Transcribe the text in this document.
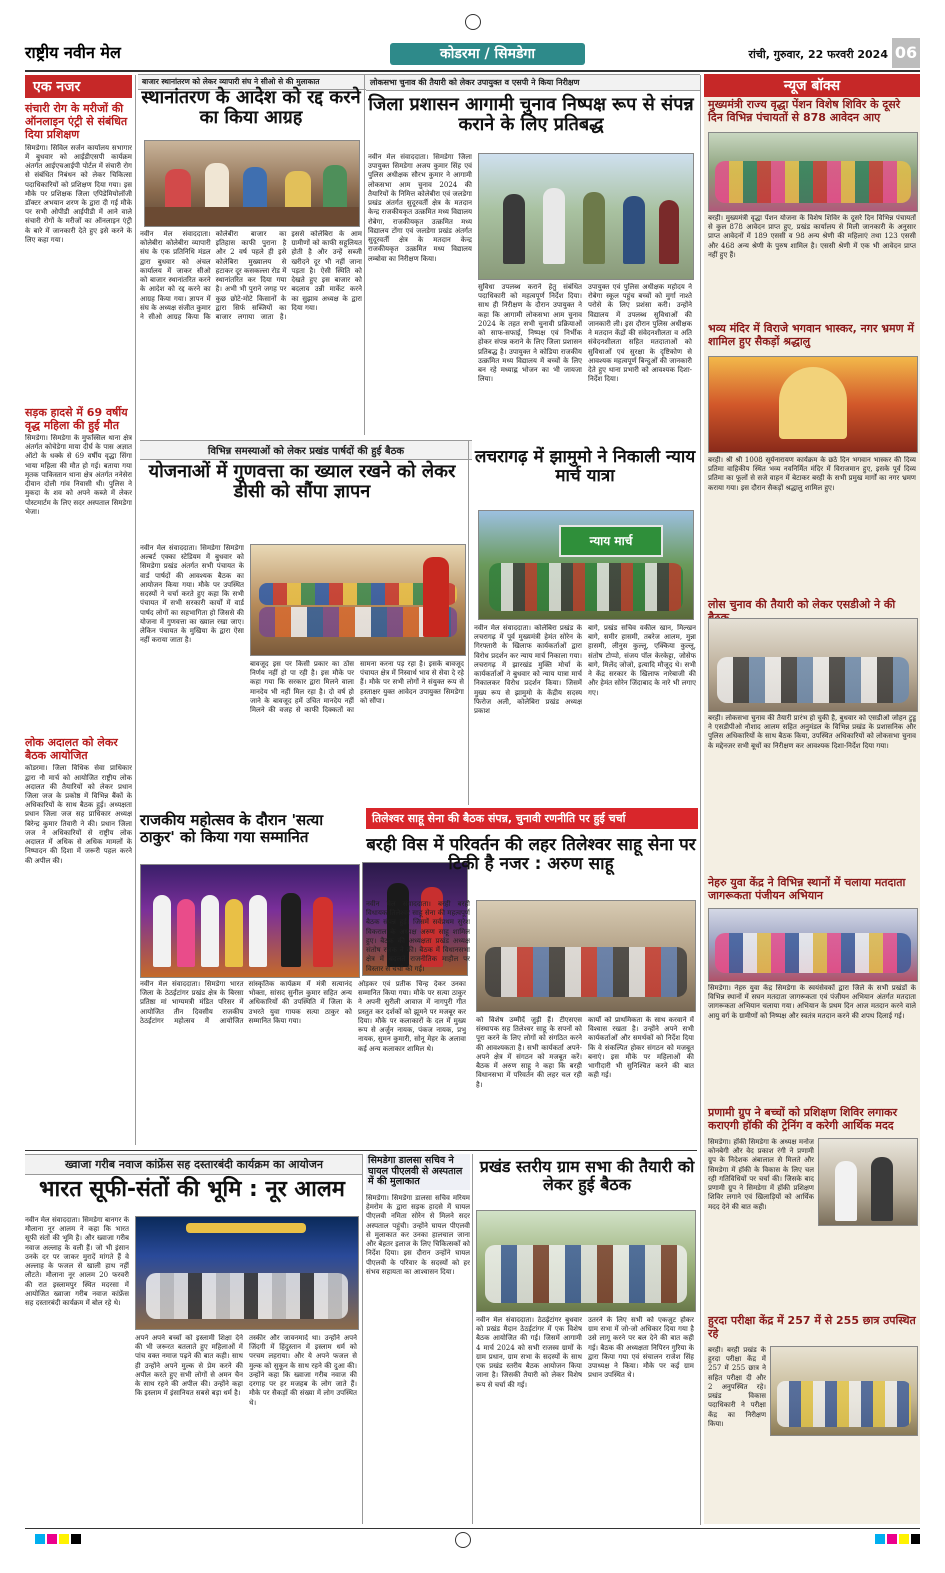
राष्ट्रीय नवीन मेल	कोडरमा / सिमडेगा	रांची, गुरुवार, 22 फरवरी 2024 06
बाजार स्थानांतरण को लेकर व्यापारी संघ ने सीओ से की मुलाकात	लोकसभा चुनाव की तैयारी को लेकर उपायुक्त व एसपी ने किया निरीक्षण
एक नजर
संचारी रोग के मरीजों की ऑनलाइन एंट्री से संबंधित दिया प्रशिक्षण
सिमडेगा। सिविल सर्जन कार्यालय सभागार में बुधवार को आईडीएसपी कार्यक्रम अंतर्गत आईएचआईपी पोर्टल में संचारी रोग से संबंधित निबंधन को लेकर चिकित्सा पदाधिकारियों को प्रशिक्षण दिया गया। इस मौके पर प्रशिक्षक जिला एपिडेमियोलॉजी डॉक्टर अभयान शरण के द्वारा दी गई मौके पर सभी ओपीडी आईपीडी में आने वाले संचारी रोगों के मरीजों का ऑनलाइन एंट्री के बारे में जानकारी देते हुए इसे करने के लिए कहा गया।
सड़क हादसे में 69 वर्षीय वृद्ध महिला की हुई मौत
सिमडेगा। सिमडेगा के मुफस्सिल थाना क्षेत्र अंतर्गत कोचेडेगा माया दीर्घ के पास अज्ञात ऑटो के धक्के से 69 वर्षीय वृद्धा सिंगा भाया महिला की मौत हो गई। बताया गया मृतक पाकिस्तान थाना क्षेत्र अंतर्गत ननेसेरा दीवान दोली गांव निवासी थी। पुलिस ने मुकदा के शव को अपने कब्जे में लेकर पोस्टमार्टम के लिए सदर अस्पताल सिमडेगा भेजा।
लोक अदालत को लेकर बैठक आयोजित
कोडरमा। जिला विधिक सेवा प्राधिकार द्वारा नौ मार्च को आयोजित राष्ट्रीय लोक अदालत की तैयारियों को लेकर प्रधान जिला जज के प्रकोष्ठ में विभिन्न बैंकों के अधिकारियों के साथ बैठक हुई। अध्यक्षता प्रधान जिला जज सह प्राधिकार अध्यक्ष बिरेन्द्र कुमार तिवारी ने की। प्रधान जिला जज ने अधिकारियों से राष्ट्रीय लोक अदालत में अधिक से अधिक मामलों के निष्पादन की दिशा में जरूरी पहल करने की अपील की।
स्थानांतरण के आदेश को रद्द करने का किया आग्रह
नवीन मेल संवाददाता। कोलेबीरा कोलेबीरा व्यापारी संघ के एक प्रतिनिधि मंडल द्वारा बुधवार को अंचल कार्यालय में जाकर सीओ को बाजार स्थानांतरित करने के आदेश को रद्द करने का आग्रह किया गया। ज्ञापन में संघ के अध्यक्ष संजीत कुमार ने सीओ आग्रह किया कि कोलेबीरा बाजार का इतिहास काफी पुराना है और 2 वर्ष पहले ही इसे कोलेबिरा मुख्यालय से हटाकर दूर कसकल्ला रोड में स्थानांतरित कर दिया गया है। अभी भी पुराने जगह पर कुछ छोटे-मोटे किसानों के द्वारा सिर्फ सब्जियों का बाजार लगाया जाता है। इससे कोलेबिरा के आम ग्रामीणों को काफी सहूलियत होती है और उन्हें सब्जी खरीदने दूर भी नहीं जाना पड़ता है। ऐसी स्थिति को देखते हुए इस बाजार को बदलाव उन्नी मार्केट करने का सुझाव अध्यक्ष के द्वारा दिया गया।
जिला प्रशासन आगामी चुनाव निष्पक्ष रूप से संपन्न कराने के लिए प्रतिबद्ध
नवीन मेल संवाददाता। सिमडेगा जिला उपायुक्त सिमडेगा अजय कुमार सिंह एवं पुलिस अधीक्षक सौरभ कुमार ने आगामी लोकसभा आम चुनाव 2024 की तैयारियों के निमित्त कोलेबीरा एवं जलडेगा प्रखंड अंतर्गत सुदूरवर्ती क्षेत्र के मतदान केन्द्र राजकीयकृत उत्क्रमित मध्य विद्यालय रोबेगा, राजकीयकृत उत्क्रमित मध्य विद्यालय टोंगा एवं जलडेगा प्रखंड अंतर्गत सुदूरवर्ती क्षेत्र के मतदान केन्द्र राजकीयकृत उत्क्रमित मध्य विद्यालय लम्बोवा का निरीक्षण किया।
सुविधा उपलब्ध कराने हेतु संबंधित पदाधिकारी को महत्वपूर्ण निर्देश दिया। साथ ही निरीक्षण के दौरान उपायुक्त ने कहा कि आगामी लोकसभा आम चुनाव 2024 के तहत सभी चुनावी प्रक्रियाओं को साफ-सफाई, निष्पक्ष एवं निर्भीक होकर संपन्न कराने के लिए जिला प्रशासन प्रतिबद्ध है। उपायुक्त ने कोडिया राजकीय उत्क्रमित मध्य विद्यालय में बच्चों के लिए बन रहे मध्याह्न भोजन का भी जायजा लिया।
उपायुक्त एवं पुलिस अधीक्षक महोदय ने रोबेगा स्कूल पहुंच बच्चों को मुर्गा नाश्ते परोसे के लिए प्रशंसा करी। उन्होंने विद्यालय में उपलब्ध सुविधाओं की जानकारी ली। इस दौरान पुलिस अधीक्षक ने मतदान केंद्रों की संवेदनशीलता व अति संवेदनशीलता सहित मतदाताओं को सुविधाओं एवं सुरक्षा के दृष्टिकोण से आवश्यक महत्वपूर्ण बिन्दुओं की जानकारी देते हुए थाना प्रभारी को आवश्यक दिशा-निर्देश दिया।
विभिन्न समस्याओं को लेकर प्रखंड पार्षदों की हुई बैठक
योजनाओं में गुणवत्ता का ख्याल रखने को लेकर डीसी को सौंपा ज्ञापन
नवीन मेल संवाददाता। सिमडेगा सिमडेगा अल्बर्ट एक्का स्टेडियम में बुधवार को सिमडेगा प्रखंड अंतर्गत सभी पंचायत के वार्ड पार्षदों की आवश्यक बैठक का आयोजन किया गया। मौके पर उपस्थित सदस्यों ने चर्चा करते हुए कहा कि सभी पंचायत में सभी सरकारी कार्यों में वार्ड पार्षद लोगों का सहभागिता हो जिससे की योजना में गुणवत्ता का ख्याल रखा जाए। लेकिन पंचायत के मुखिया के द्वारा ऐसा नहीं कराया जाता है।
बावजूद इस पर किसी प्रकार का ठोस निर्णय नहीं हो पा रही है। इस मौके पर कहा गया कि सरकार द्वारा मिलने वाला मानदेय भी नहीं मिल रहा है। दो वर्ष हो जाने के बावजूद हमें उचित मानदेय नहीं मिलने की वजह से काफी दिक्कतों का सामना करना पड़ रहा है। इसके बावजूद पंचायत क्षेत्र में निस्वार्थ भाव से सेवा दे रहे हैं। मौके पर सभी लोगों ने संयुक्त रूप से हस्ताक्षर युक्त आवेदन उपायुक्त सिमडेगा को सौंपा।
लचरागढ़ में झामुमो ने निकाली न्याय मार्च यात्रा
न्याय मार्च
नवीन मेल संवाददाता। कोलेबिरा प्रखंड के लचरागढ़ में पूर्व मुख्यमंत्री हेमंत सोरेन के गिरफ्तारी के खिलाफ कार्यकर्ताओं द्वारा विरोध प्रदर्शन कर न्याय मार्च निकाला गया। लचरागढ़ में झारखंड मुक्ति मोर्चा के कार्यकर्ताओं ने बुधवार को न्याय यात्रा मार्च निकालकर विरोध प्रदर्शन किया। जिसमें मुख्य रूप से झामुमो के केंद्रीय सदस्य फिरोज अली, कोलेबिरा प्रखंड अध्यक्ष प्रकाश
बागे, प्रखंड सचिव वकील खान, मिल्खन बागे, समीर हासमी, तबरेज आलम, मुन्ना हासमी, लीनुस कुल्लू, एक्किया कुल्लू, संतोष टोप्पो, संजय पॉल केरकेट्टा, जोसेफ बागे, मिलेंद जोजो, इत्यादि मौजूद थे। सभी ने केंद्र सरकार के खिलाफ नारेबाजी की और हेमंत सोरेन जिंदाबाद के नारे भी लगाए गए।
राजकीय महोत्सव के दौरान 'सत्या ठाकुर' को किया गया सम्मानित
नवीन मेल संवाददाता। सिमडेगा भारत जिला के ठेठईटांगर प्रखंड क्षेत्र के बिरसा प्रतिष्ठा मां भाग्यमत्री मंडित परिसर में आयोजित तीन दिवसीय राजकीय ठेठईटांगर महोत्सव में आयोजित सांस्कृतिक कार्यक्रम में मंत्री सत्यानंद भोक्ता, सांसद सुनील कुमार सहित अन्य अधिकारियों की उपस्थिति में जिला के उभरते युवा गायक सत्या ठाकुर को सम्मानित किया गया।
ओड़कर एवं प्रतीक चिन्ह देकर उनका सम्मानित किया गया। मौके पर सत्या ठाकुर ने अपनी सुरीली आवाज में नागपुरी गीत प्रस्तुत कर दर्शकों को झूमने पर मजबूर कर दिया। मौके पर कलाकारों के दल में मुख्य रूप से अर्जुन नायक, पंकज नायक, प्रभु नायक, सुमन कुमारी, सोनू मेहर के अलावा कई अन्य कलाकार शामिल थे।
तिलेश्वर साहू सेना की बैठक संपन्न, चुनावी रणनीति पर हुई चर्चा
बरही विस में परिवर्तन की लहर तिलेश्वर साहू सेना पर टिकी है नजर : अरुण साहू
नवीन मेल संवाददाता। बरही बरही विधायक तिलेश्वर साहू सेना की महत्वपूर्ण बैठक संपन्न हुई। जिसमें सर्वप्रथम सुरेश विकराल के अध्यक्ष अरुण साहू शामिल हुए। बैठक की अध्यक्षता प्रखंड अध्यक्ष संतोष रजक ने की। बैठक में विधानसभा क्षेत्र में बदलते राजनीतिक माहौल पर विस्तार से चर्चा की गई।
को विशेष उम्मीदें जुड़ी हैं। टीएसएस संस्थापक सह तिलेश्वर साहू के सपनों को पूरा करने के लिए लोगों को संगठित करने की आवश्यकता है। सभी कार्यकर्ता अपने-अपने क्षेत्र में संगठन को मजबूत करें। बैठक में अरुण साहू ने कहा कि बरही विधानसभा में परिवर्तन की लहर चल रही है।
कार्यों को प्राथमिकता के साथ करवाने में विश्वास रखता है। उन्होंने अपने सभी कार्यकर्ताओं और समर्थकों को निर्देश दिया कि वे संकल्पित होकर संगठन को मजबूत बनाएं। इस मौके पर महिलाओं की भागीदारी भी सुनिश्चित करने की बात कही गई।
ख्वाजा गरीब नवाज कांफ्रेंस सह दस्तारबंदी कार्यक्रम का आयोजन
भारत सूफी-संतों की भूमि : नूर आलम
नवीन मेल संवाददाता। सिमडेगा बानगर के मौलाना नूर आलम ने कहा कि भारत सूफी संतों की भूमि है। और ख्वाजा गरीब नवाज अल्लाह के वली हैं। जो भी इंसान उनके दर पर जाकर मुरादें मांगते हैं वे अल्लाह के फजल से खाली हाथ नहीं लौटते। मौलाना नूर आलम 20 फरवरी की रात इस्लामपुर स्थित मदरसा में आयोजित ख्वाजा गरीब नवाज कांफ्रेंस सह दस्तारबंदी कार्यक्रम में बोल रहे थे।
अपने अपने बच्चों को इस्लामी शिक्षा देने की भी जरूरत बतलाते हुए महिलाओं में पांच वक्त नमाज पढ़ने की बात कही। साथ ही उन्होंने अपने मुल्क से प्रेम करने की अपील करते हुए सभी लोगों से अमन चैन के साथ रहने की अपील की। उन्होंने कहा कि इस्लाम में इंसानियत सबसे बड़ा धर्म है।
तस्कीर और जावनमार्द था। उन्होंने अपने जिंदगी में हिंदुस्तान में इस्लाम धर्म को परचम लहराया। और ये अपने फजल से मुल्क को सुकून के साथ रहने की दुआ की। उन्होंने कहा कि ख्वाजा गरीब नवाज की दरगाह पर हर मजहब के लोग जाते हैं। मौके पर सैकड़ों की संख्या में लोग उपस्थित थे।
सिमडेगा डालसा सचिव ने घायल पीएलवी से अस्पताल में की मुलाकात
सिमडेगा। सिमडेगा डालसा सचिव मरियम हेमरोम के द्वारा सड़क हादसे में घायल पीएलवी नमिता सोरेन से मिलने सदर अस्पताल पहुंची। उन्होंने घायल पीएलवी से मुलाकात कर उनका हालचाल जाना और बेहतर इलाज के लिए चिकित्सकों को निर्देश दिया। इस दौरान उन्होंने घायल पीएलवी के परिवार के सदस्यों को हर संभव सहायता का आश्वासन दिया।
प्रखंड स्तरीय ग्राम सभा की तैयारी को लेकर हुई बैठक
नवीन मेल संवाददाता। ठेठईटांगर बुधवार को प्रखंड मैदान ठेठईटांगर में एक विशेष बैठक आयोजित की गई। जिसमें आगामी 4 मार्च 2024 को सभी राजस्व ग्रामों के ग्राम प्रधान, ग्राम सभा के सदस्यों के साथ एक प्रखंड स्तरीय बैठक आयोजन किया जाना है। जिसकी तैयारी को लेकर विशेष रूप से चर्चा की गई।
उतरने के लिए सभी को एकजुट होकर ग्राम सभा में जो-जो अधिकार दिया गया है उसे लागू करने पर बल देने की बात कही गई। बैठक की अध्यक्षता निपिरन गुरिया के द्वारा किया गया एवं संचालन राजेश सिंह उपाध्यक्ष ने किया। मौके पर कई ग्राम प्रधान उपस्थित थे।
न्यूज बॉक्स
मुख्यमंत्री राज्य वृद्धा पेंशन विशेष शिविर के दूसरे दिन विभिन्न पंचायतों से 878 आवेदन आए
बरही। मुख्यमंत्री वृद्धा पेंशन योजना के विशेष शिविर के दूसरे दिन विभिन्न पंचायतों से कुल 878 आवेदन प्राप्त हुए, प्रखंड कार्यालय से मिली जानकारी के अनुसार प्राप्त आवेदनों में 189 एससी व 98 अन्य श्रेणी की महिलाएं तथा 123 एससी और 468 अन्य श्रेणी के पुरुष शामिल है। एससी श्रेणी में एक भी आवेदन प्राप्त नहीं हुए हैं।
भव्य मंदिर में विराजे भगवान भास्कर, नगर भ्रमण में शामिल हुए सैकड़ों श्रद्धालु
बरही। श्री श्री 1008 सूर्यनारायण कार्यक्रम के छठे दिन भगवान भास्कर की दिव्य प्रतिमा वाहिकीय स्थित भव्य नवनिर्मित मंदिर में विराजमान हुए, इसके पूर्व दिव्य प्रतिमा का फूलों से सजे वाहन में बेटाकर बरही के सभी प्रमुख मार्गों का नगर भ्रमण कराया गया। इस दौरान सैकड़ों श्रद्धालु शामिल हुए।
लोस चुनाव की तैयारी को लेकर एसडीओ ने की
बरही। लोकसभा चुनाव की तैयारी प्रारंभ हो चुकी है, बुधवार को एसडीओ जोहन टुडू ने एसडीपीओ नौशाद आलम सहित अनुमंडल के विभिन्न प्रखंड के प्रशासनिक और पुलिस अधिकारियों के साथ बैठक किया, उपस्थित अधिकारियों को लोकसभा चुनाव के मद्देनजर सभी बूथों का निरीक्षण कर आवश्यक दिशा-निर्देश दिया गया।
नेहरु युवा केंद्र ने विभिन्न स्थानों में चलाया मतदाता जागरूकता पंजीयन अभियान
सिमडेगा। नेहरु युवा केंद्र सिमडेगा के स्वयंसेवकों द्वारा जिले के सभी प्रखंडों के विभिन्न स्थानों में सघन मतदाता जागरूकता एवं पंजीयन अभियान अंतर्गत मतदाता जागरूकता अभियान चलाया गया। अभियान के प्रथम दिन आज मतदान करने वाले आयु वर्ग के ग्रामीणों को निष्पक्ष और स्वतंत्र मतदान करने की शपथ दिलाई गई।
प्रणामी ग्रुप ने बच्चों को प्रशिक्षण शिविर लगाकर कराएगी हॉकी की ट्रेनिंग व करेगी आर्थिक मदद
सिमडेगा। हॉकी सिमडेगा के अध्यक्ष मनोज कोनबेगी और वेद प्रकाश रंगी ने प्रणामी ग्रुप के निदेशक अंबालाल से मिलते और सिमडेगा में हॉकी के विकास के लिए चल रही गतिविधियों पर चर्चा की। जिसके बाद प्रणामी ग्रुप ने सिमडेगा में हॉकी प्रशिक्षण शिविर लगाने एवं खिलाड़ियों को आर्थिक मदद देने की बात कही।
हुरदा परीक्षा केंद्र में 257 में से 255 छात्र उपस्थित रहे
बरही। बरही प्रखंड के हुरदा परीक्षा केंद्र में 257 में 255 छात्र ने सहित परीक्षा दी और 2 अनुपस्थित रहे। प्रखंड विकास पदाधिकारी ने परीक्षा केंद्र का निरीक्षण किया।
